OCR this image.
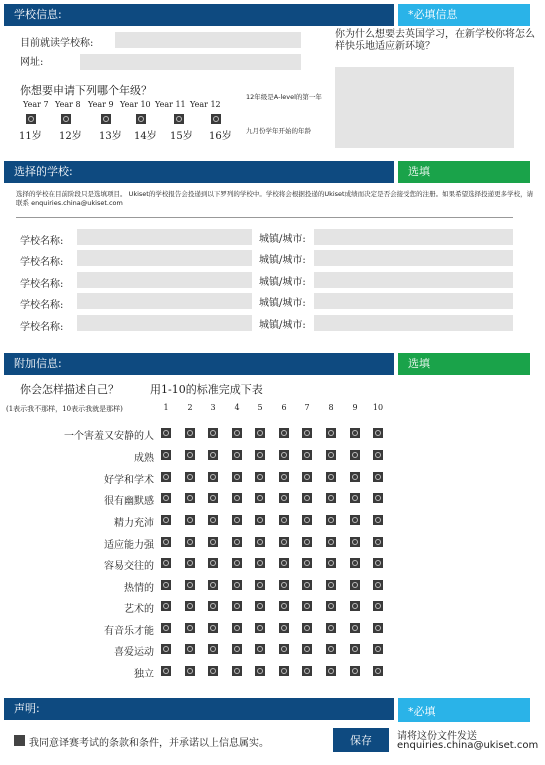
学校信息:	*必填信息
目前就读学校称:
网址:
你为什么想要去英国学习，在新学校你将怎么样快乐地适应新环境？
你想要申请下列哪个年级？
Year 7 Year 8 Year 9 Year 10 Year 11 Year 12
11岁 12岁 13岁 14岁 15岁 16岁
12年级是A-level的第一年
九月份学年开始的年龄
选择的学校:	选填
选择的学校在目前阶段只是选填项目。 Ukiset的学校报告会投递到以下罗列的学校中。学校将会根据投递的Ukiset成绩而决定是否会接受您的注册。如果希望选择投递更多学校，请联系 enquiries.china@ukiset.com
学校名称:	城镇/城市:
学校名称:	城镇/城市:
学校名称:	城镇/城市:
学校名称:	城镇/城市:
学校名称:	城镇/城市:
附加信息:	选填
你会怎样描述自己？	用1-10的标准完成下表
(1表示我不那样，10表示我就是那样)	1	2	3	4	5	6	7	8	9	10
一个害羞又安静的人
成熟
好学和学术
很有幽默感
精力充沛
适应能力强
容易交往的
热情的
艺术的
有音乐才能
喜爱运动
独立
声明:	*必填
我同意译赛考试的条款和条件，并承诺以上信息属实。	保存	请将这份文件发送
enquiries.china@ukiset.com
